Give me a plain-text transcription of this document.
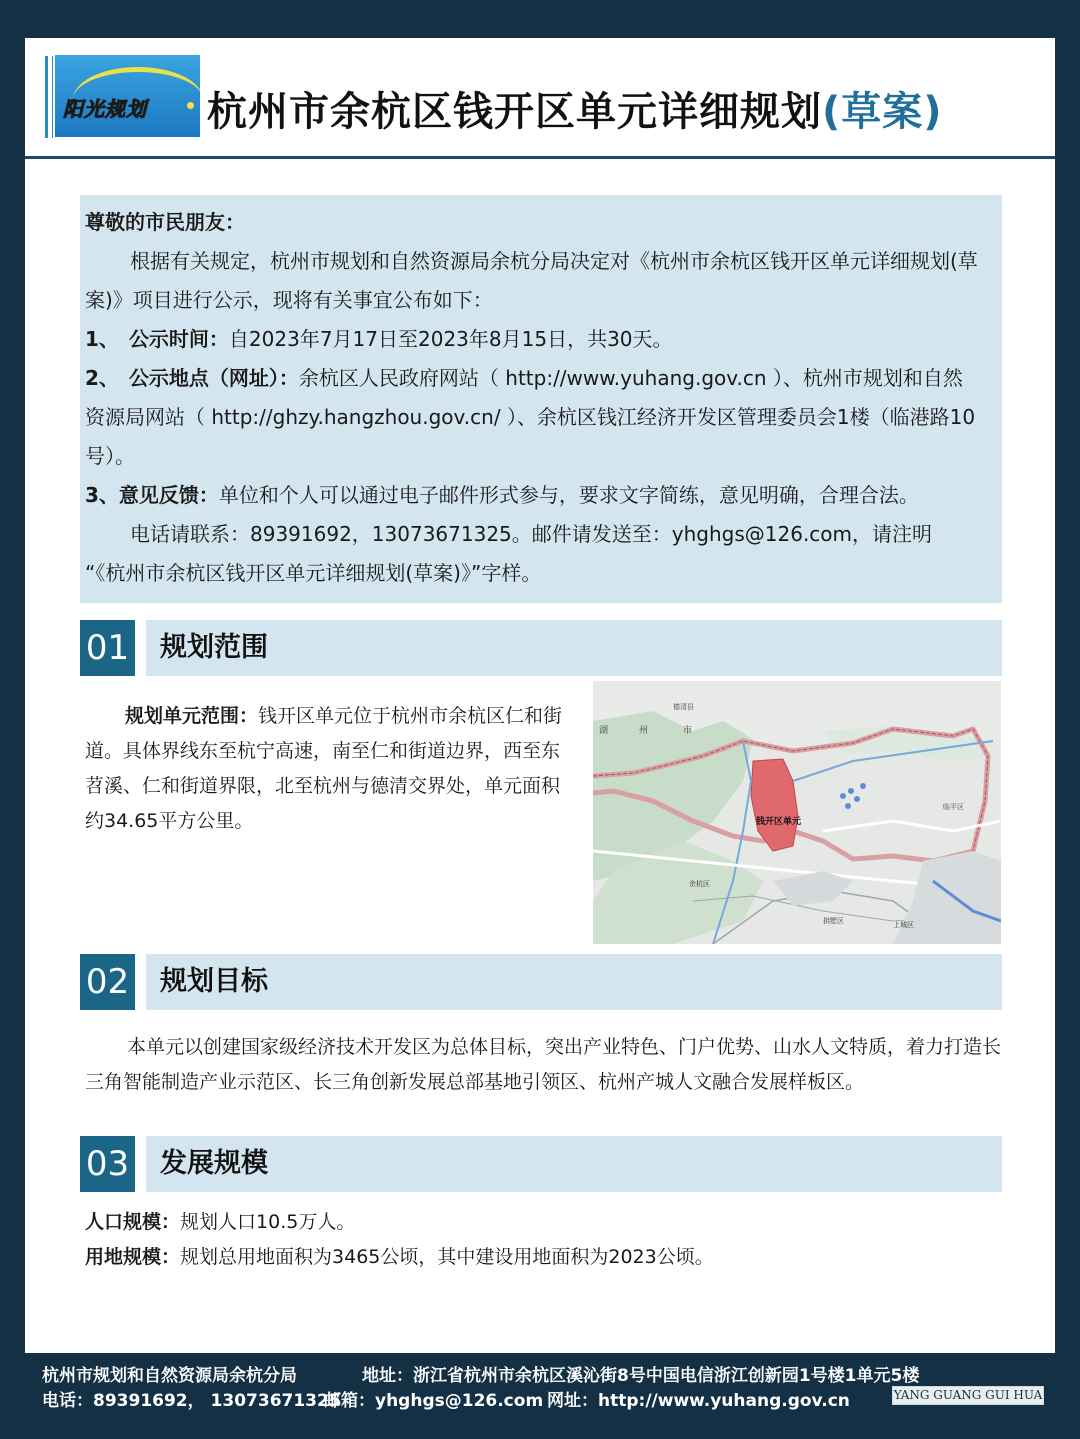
阳光规划 杭州市余杭区钱开区单元详细规划(草案)

尊敬的市民朋友：

根据有关规定，杭州市规划和自然资源局余杭分局决定对《杭州市余杭区钱开区单元详细规划(草案)》项目进行公示，现将有关事宜公布如下：

1、　公示时间：自2023年7月17日至2023年8月15日，共30天。

2、　公示地点（网址）：余杭区人民政府网站（ http://www.yuhang.gov.cn ）、杭州市规划和自然资源局网站（ http://ghzy.hangzhou.gov.cn/ ）、余杭区钱江经济开发区管理委员会1楼（临港路10号）。

3、意见反馈：单位和个人可以通过电子邮件形式参与，要求文字简练，意见明确，合理合法。

电话请联系：89391692，13073671325。邮件请发送至：yhghgs@126.com，请注明

“《杭州市余杭区钱开区单元详细规划(草案)》”字样。

01 规划范围

规划单元范围：钱开区单元位于杭州市余杭区仁和街道。具体界线东至杭宁高速，南至仁和街道边界，西至东苕溪、仁和街道界限，北至杭州与德清交界处，单元面积约34.65平方公里。

湖	州	市
德清县
钱开区单元
临平区
余杭区
拱墅区	上城区
02 规划目标

本单元以创建国家级经济技术开发区为总体目标，突出产业特色、门户优势、山水人文特质，着力打造长三角智能制造产业示范区、长三角创新发展总部基地引领区、杭州产城人文融合发展样板区。

03 发展规模

人口规模：规划人口10.5万人。

用地规模：规划总用地面积为3465公顷，其中建设用地面积为2023公顷。

杭州市规划和自然资源局余杭分局	地址：浙江省杭州市余杭区溪沁街8号中国电信浙江创新园1号楼1单元5楼
电话：89391692， 13073671325
邮箱：yhghgs@126.com 网址：http://www.yuhang.gov.cn	YANG GUANG GUI HUA
